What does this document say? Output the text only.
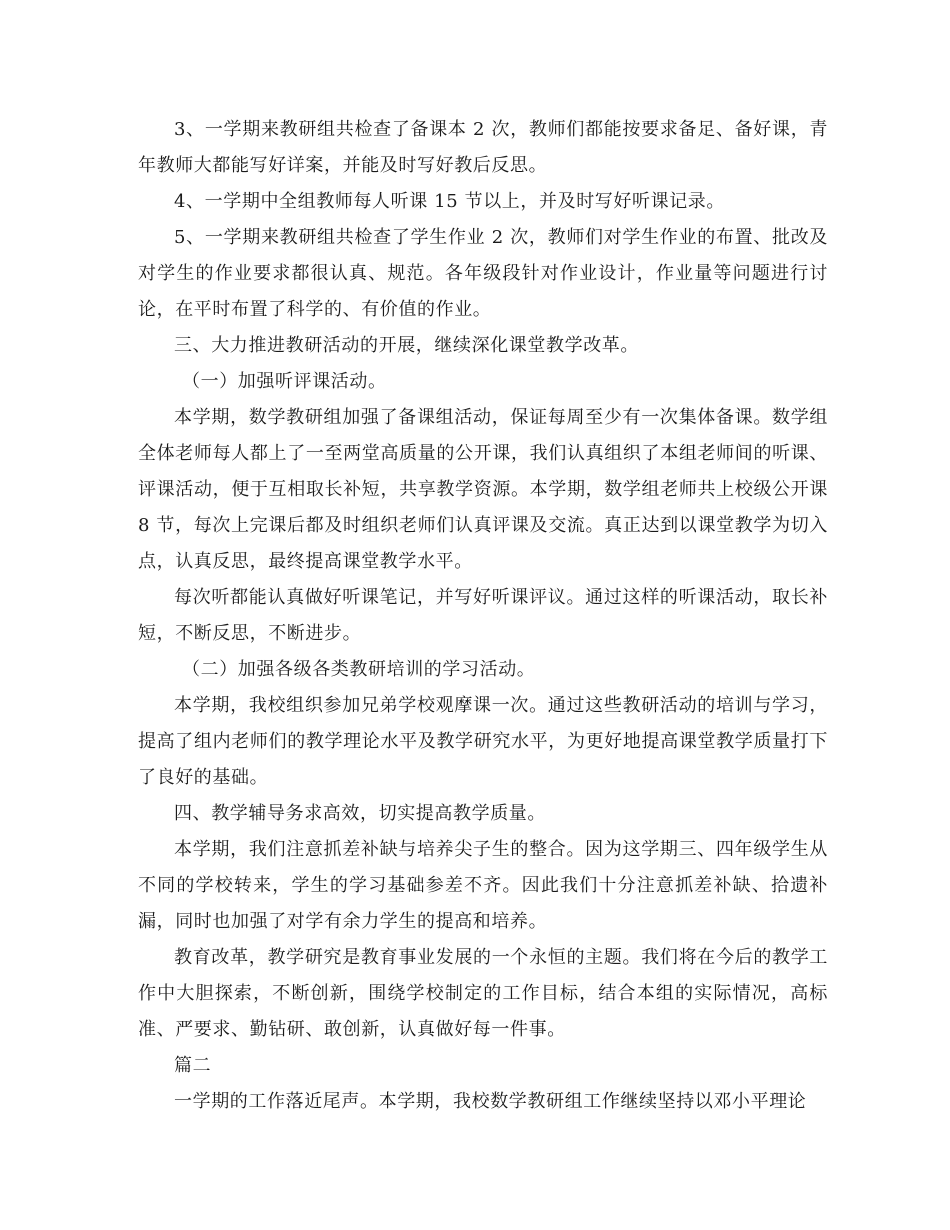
3、一学期来教研组共检查了备课本 2 次，教师们都能按要求备足、备好课，青年教师大都能写好详案，并能及时写好教后反思。

4、一学期中全组教师每人听课 15 节以上，并及时写好听课记录。

5、一学期来教研组共检查了学生作业 2 次，教师们对学生作业的布置、批改及对学生的作业要求都很认真、规范。各年级段针对作业设计，作业量等问题进行讨论，在平时布置了科学的、有价值的作业。

三、大力推进教研活动的开展，继续深化课堂教学改革。

（一）加强听评课活动。

本学期，数学教研组加强了备课组活动，保证每周至少有一次集体备课。数学组全体老师每人都上了一至两堂高质量的公开课，我们认真组织了本组老师间的听课、评课活动，便于互相取长补短，共享教学资源。本学期，数学组老师共上校级公开课 8 节，每次上完课后都及时组织老师们认真评课及交流。真正达到以课堂教学为切入点，认真反思，最终提高课堂教学水平。

每次听都能认真做好听课笔记，并写好听课评议。通过这样的听课活动，取长补短，不断反思，不断进步。

（二）加强各级各类教研培训的学习活动。

本学期，我校组织参加兄弟学校观摩课一次。通过这些教研活动的培训与学习，提高了组内老师们的教学理论水平及教学研究水平，为更好地提高课堂教学质量打下了良好的基础。

四、教学辅导务求高效，切实提高教学质量。

本学期，我们注意抓差补缺与培养尖子生的整合。因为这学期三、四年级学生从不同的学校转来，学生的学习基础参差不齐。因此我们十分注意抓差补缺、拾遗补漏，同时也加强了对学有余力学生的提高和培养。

教育改革，教学研究是教育事业发展的一个永恒的主题。我们将在今后的教学工作中大胆探索，不断创新，围绕学校制定的工作目标，结合本组的实际情况，高标准、严要求、勤钻研、敢创新，认真做好每一件事。

篇二

一学期的工作落近尾声。本学期，我校数学教研组工作继续坚持以邓小平理论
